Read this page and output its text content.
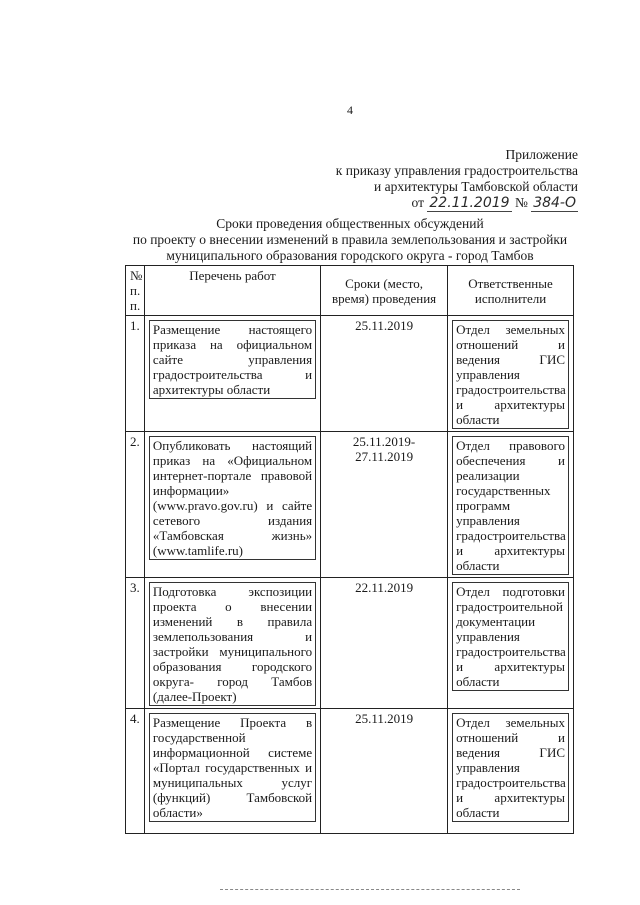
4
Приложение
к приказу управления градостроительства
и архитектуры Тамбовской области
от 22.11.2019 № 384-О
Сроки проведения общественных обсуждений
по проекту о внесении изменений в правила землепользования и застройки
муниципального образования городского округа - город Тамбов
№ п. п.	Перечень работ	Сроки (место, время) проведения	Ответственные исполнители
1.	Размещение настоящего приказа на официальном сайте управления градостроительства и архитектуры области	25.11.2019	Отдел земельных отношений и ведения ГИС управления градостроительства и архитектуры области

2.	Опубликовать настоящий приказ на «Официальном интернет-портале правовой информации» (www.pravo.gov.ru) и сайте сетевого издания «Тамбовская жизнь» (www.tamlife.ru)	25.11.2019-27.11.2019	Отдел правового обеспечения и реализации государственных программ управления градостроительства и архитектуры области

3.	Подготовка экспозиции проекта о внесении изменений в правила землепользования и застройки муниципального образования городского округа- город Тамбов (далее-Проект)	22.11.2019	Отдел подготовки градостроительной документации управления градостроительства и архитектуры области

4.	Размещение Проекта в государственной информационной системе «Портал государственных и муниципальных услуг (функций) Тамбовской области»	25.11.2019	Отдел земельных отношений и ведения ГИС управления градостроительства и архитектуры области
